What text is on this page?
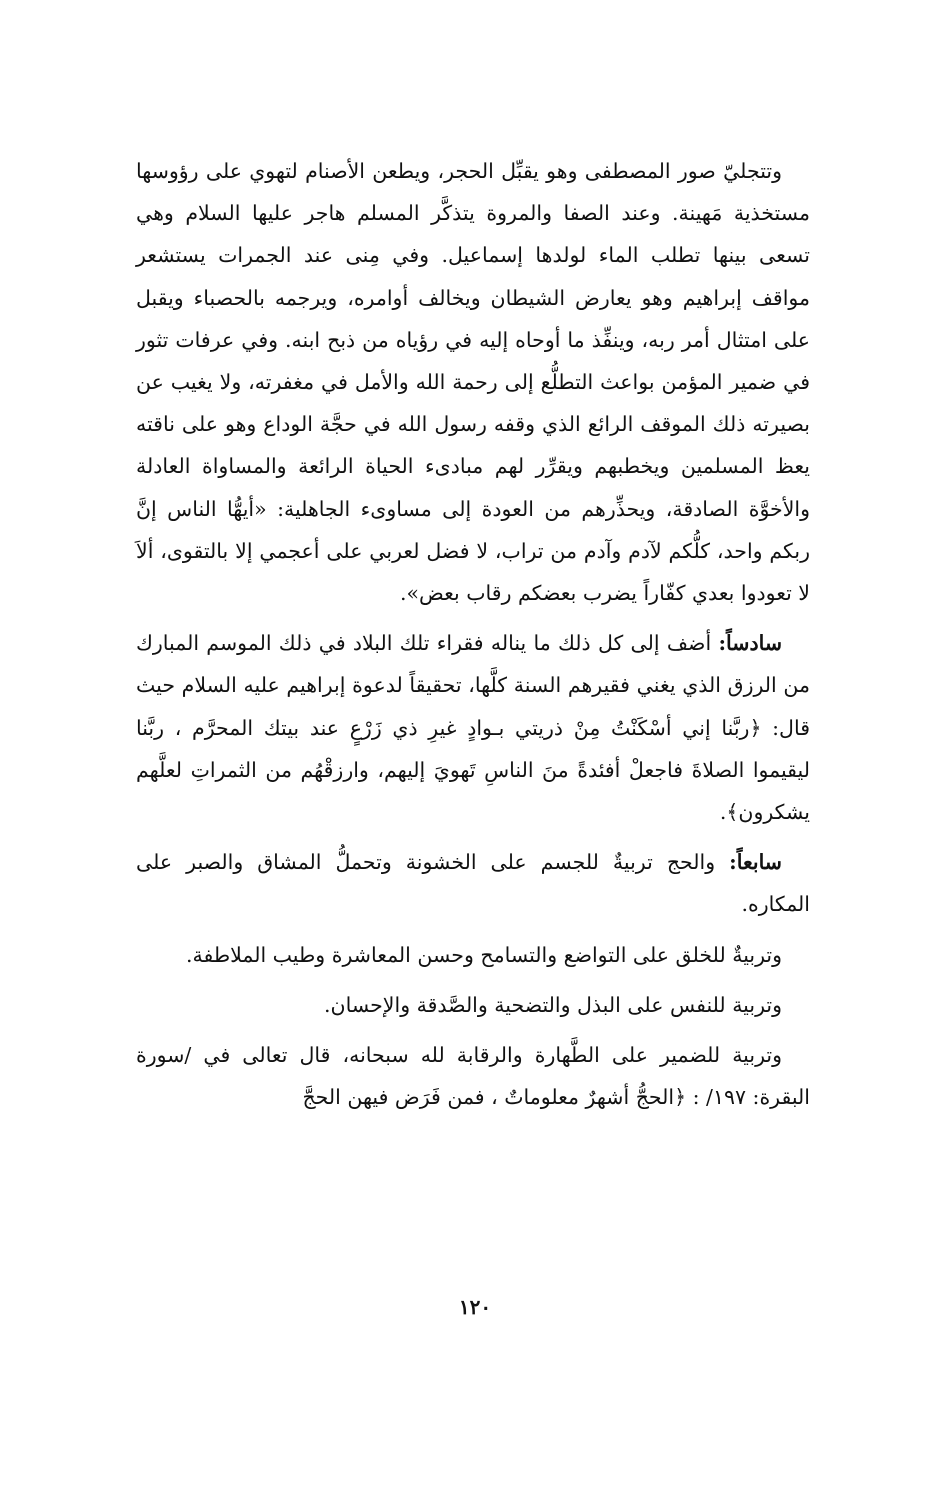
وتتجليّ صور المصطفى وهو يقبِّل الحجر، ويطعن الأصنام لتهوي على رؤوسها مستخذية مَهينة. وعند الصفا والمروة يتذكَّر المسلم هاجر عليها السلام وهي تسعى بينها تطلب الماء لولدها إسماعيل. وفي مِنى عند الجمرات يستشعر مواقف إبراهيم وهو يعارض الشيطان ويخالف أوامره، ويرجمه بالحصباء ويقبل على امتثال أمر ربه، وينفِّذ ما أوحاه إليه في رؤياه من ذبح ابنه. وفي عرفات تثور في ضمير المؤمن بواعث التطلُّع إلى رحمة الله والأمل في مغفرته، ولا يغيب عن بصيرته ذلك الموقف الرائع الذي وقفه رسول الله في حجَّة الوداع وهو على ناقته يعظ المسلمين ويخطبهم ويقرِّر لهم مبادىء الحياة الرائعة والمساواة العادلة والأخوَّة الصادقة، ويحذِّرهم من العودة إلى مساوىء الجاهلية: «أيهُّا الناس إنَّ ربكم واحد، كلُّكم لآدم وآدم من تراب، لا فضل لعربي على أعجمي إلا بالتقوى، ألاَ لا تعودوا بعدي كفّاراً يضرب بعضكم رقاب بعض».

سادساً: أضف إلى كل ذلك ما يناله فقراء تلك البلاد في ذلك الموسم المبارك من الرزق الذي يغني فقيرهم السنة كلَّها، تحقيقاً لدعوة إبراهيم عليه السلام حيث قال: ﴿ربَّنا إني أسْكَنْتُ مِنْ ذريتي بـوادٍ غيرِ ذي زَرْعٍ عند بيتك المحرَّم ، ربَّنا ليقيموا الصلاةَ فاجعلْ أفئدةً منَ الناسِ تَهويَ إليهم، وارزقْهُم من الثمراتِ لعلَّهم يشكرون﴾.

سابعاً: والحج تربيةٌ للجسم على الخشونة وتحملُّ المشاق والصبر على المكاره.

وتربيةٌ للخلق على التواضع والتسامح وحسن المعاشرة وطيب الملاطفة.

وتربية للنفس على البذل والتضحية والصَّدقة والإحسان.

وتربية للضمير على الطَّهارة والرقابة لله سبحانه، قال تعالى في /سورة البقرة: ١٩٧/ : ﴿الحجُّ أشهرٌ معلوماتٌ ، فمن فَرَض فيهن الحجَّ

١٢٠
